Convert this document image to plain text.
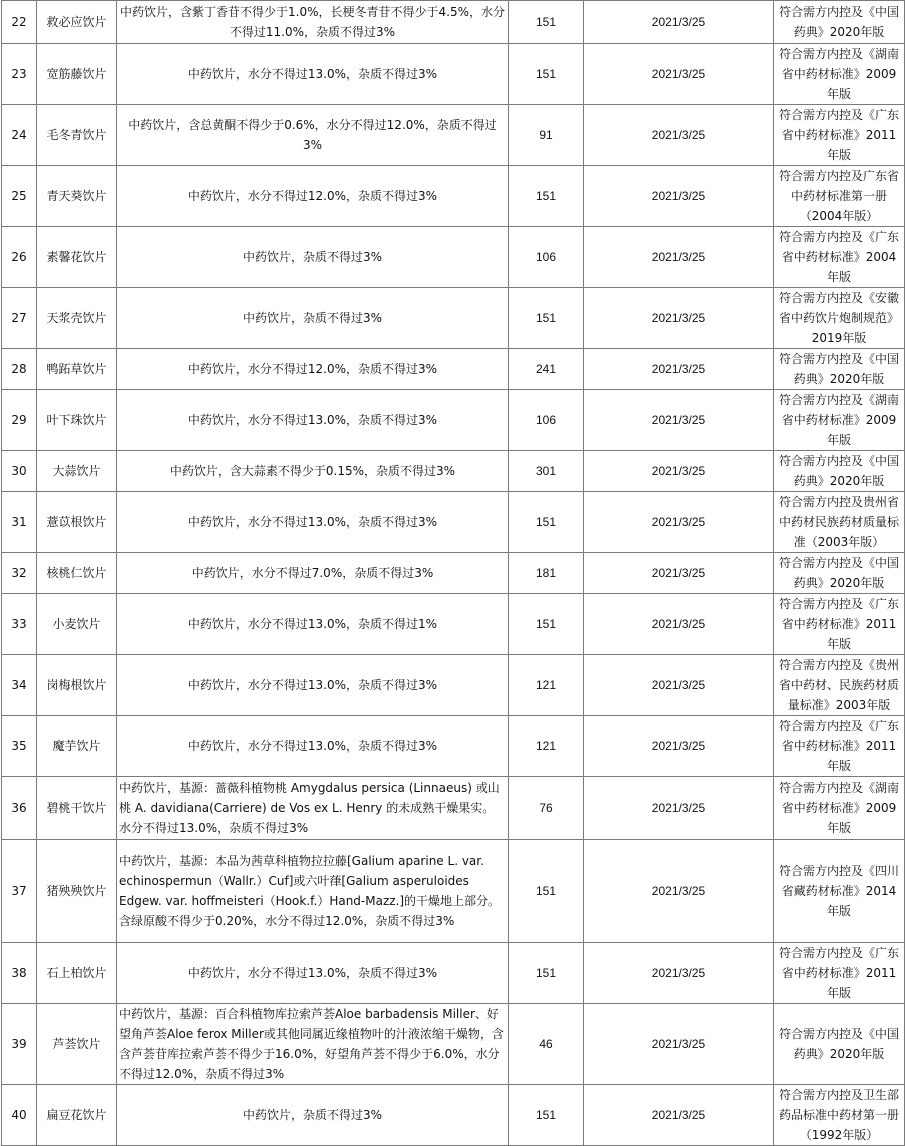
22	救必应饮片	中药饮片，含紫丁香苷不得少于1.0%，长梗冬青苷不得少于4.5%，水分不得过11.0%，杂质不得过3%	151	2021/3/25	符合需方内控及《中国药典》2020年版
23	宽筋藤饮片	中药饮片，水分不得过13.0%，杂质不得过3%	151	2021/3/25	符合需方内控及《湖南省中药材标准》2009年版
24	毛冬青饮片	中药饮片，含总黄酮不得少于0.6%，水分不得过12.0%，杂质不得过3%	91	2021/3/25	符合需方内控及《广东省中药材标准》2011年版
25	青天葵饮片	中药饮片，水分不得过12.0%，杂质不得过3%	151	2021/3/25	符合需方内控及广东省中药材标准第一册（2004年版）
26	素馨花饮片	中药饮片，杂质不得过3%	106	2021/3/25	符合需方内控及《广东省中药材标准》2004年版
27	天浆壳饮片	中药饮片，杂质不得过3%	151	2021/3/25	符合需方内控及《安徽省中药饮片炮制规范》2019年版
28	鸭跖草饮片	中药饮片，水分不得过12.0%，杂质不得过3%	241	2021/3/25	符合需方内控及《中国药典》2020年版
29	叶下珠饮片	中药饮片，水分不得过13.0%，杂质不得过3%	106	2021/3/25	符合需方内控及《湖南省中药材标准》2009年版
30	大蒜饮片	中药饮片，含大蒜素不得少于0.15%，杂质不得过3%	301	2021/3/25	符合需方内控及《中国药典》2020年版
31	薏苡根饮片	中药饮片，水分不得过13.0%，杂质不得过3%	151	2021/3/25	符合需方内控及贵州省中药材民族药材质量标准（2003年版）
32	核桃仁饮片	中药饮片，水分不得过7.0%，杂质不得过3%	181	2021/3/25	符合需方内控及《中国药典》2020年版
33	小麦饮片	中药饮片，水分不得过13.0%，杂质不得过1%	151	2021/3/25	符合需方内控及《广东省中药材标准》2011年版
34	岗梅根饮片	中药饮片，水分不得过13.0%，杂质不得过3%	121	2021/3/25	符合需方内控及《贵州省中药材、民族药材质量标准》2003年版
35	魔芋饮片	中药饮片，水分不得过13.0%，杂质不得过3%	121	2021/3/25	符合需方内控及《广东省中药材标准》2011年版
36	碧桃干饮片	中药饮片，基源：蔷薇科植物桃 Amygdalus persica (Linnaeus) 或山桃 A. davidiana(Carriere) de Vos ex L. Henry 的未成熟干燥果实。水分不得过13.0%，杂质不得过3%	76	2021/3/25	符合需方内控及《湖南省中药材标准》2009年版
37	猪殃殃饮片	中药饮片，基源：本品为茜草科植物拉拉藤[Galium aparine L. var. echinospermun（Wallr.）Cuf]或六叶葎[Galium asperuloides Edgew. var. hoffmeisteri（Hook.f.）Hand-Mazz.]的干燥地上部分。含绿原酸不得少于0.20%，水分不得过12.0%，杂质不得过3%	151	2021/3/25	符合需方内控及《四川省藏药材标准》2014年版
38	石上柏饮片	中药饮片，水分不得过13.0%，杂质不得过3%	151	2021/3/25	符合需方内控及《广东省中药材标准》2011 年版
39	芦荟饮片	中药饮片，基源：百合科植物库拉索芦荟Aloe barbadensis Miller、好望角芦荟Aloe ferox Miller或其他同属近缘植物叶的汁液浓缩干燥物，含含芦荟苷库拉索芦荟不得少于16.0%，好望角芦荟不得少于6.0%，水分不得过12.0%，杂质不得过3%	46	2021/3/25	符合需方内控及《中国药典》2020年版
40	扁豆花饮片	中药饮片，杂质不得过3%	151	2021/3/25	符合需方内控及卫生部药品标准中药材第一册（1992年版）
